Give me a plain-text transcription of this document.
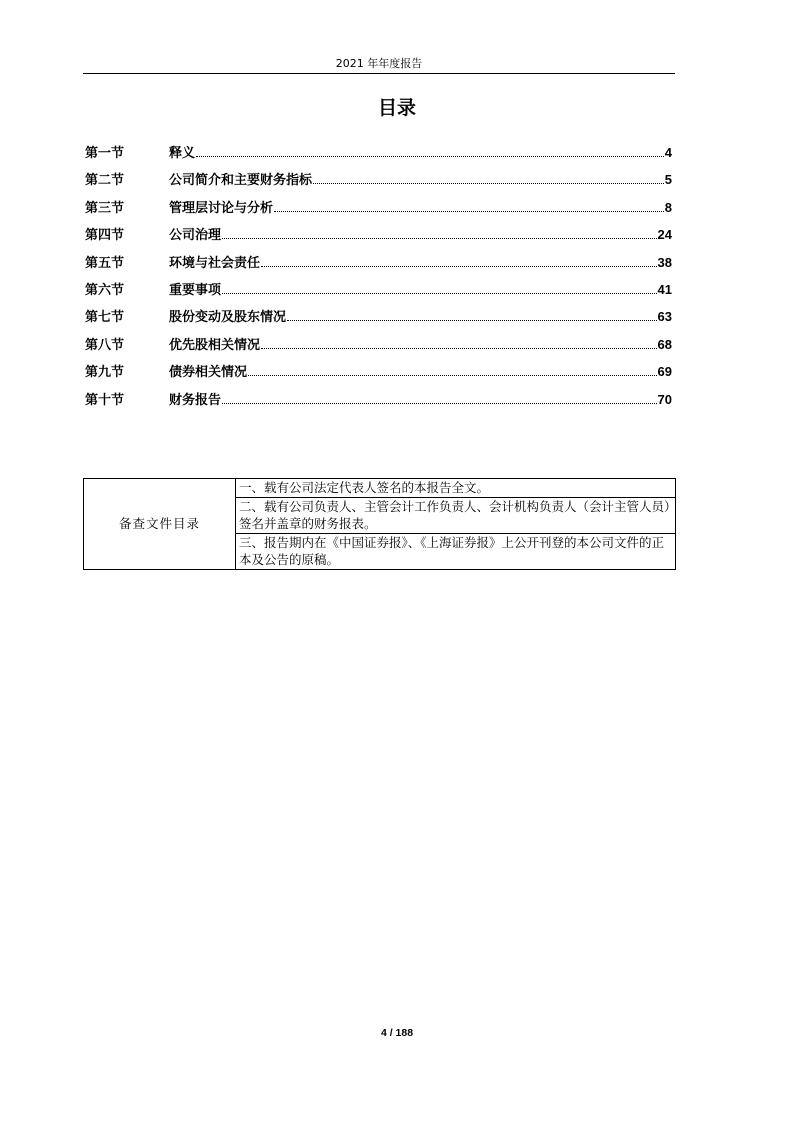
2021 年年度报告
目录
第一节	释义	4
第二节	公司简介和主要财务指标	5
第三节	管理层讨论与分析	8
第四节	公司治理	24
第五节	环境与社会责任	38
第六节	重要事项	41
第七节	股份变动及股东情况	63
第八节	优先股相关情况	68
第九节	债券相关情况	69
第十节	财务报告	70
备查文件目录	一、载有公司法定代表人签名的本报告全文。
二、载有公司负责人、主管会计工作负责人、会计机构负责人（会计主管人员）签名并盖章的财务报表。
三、报告期内在《中国证券报》、《上海证券报》上公开刊登的本公司文件的正本及公告的原稿。
4 / 188
